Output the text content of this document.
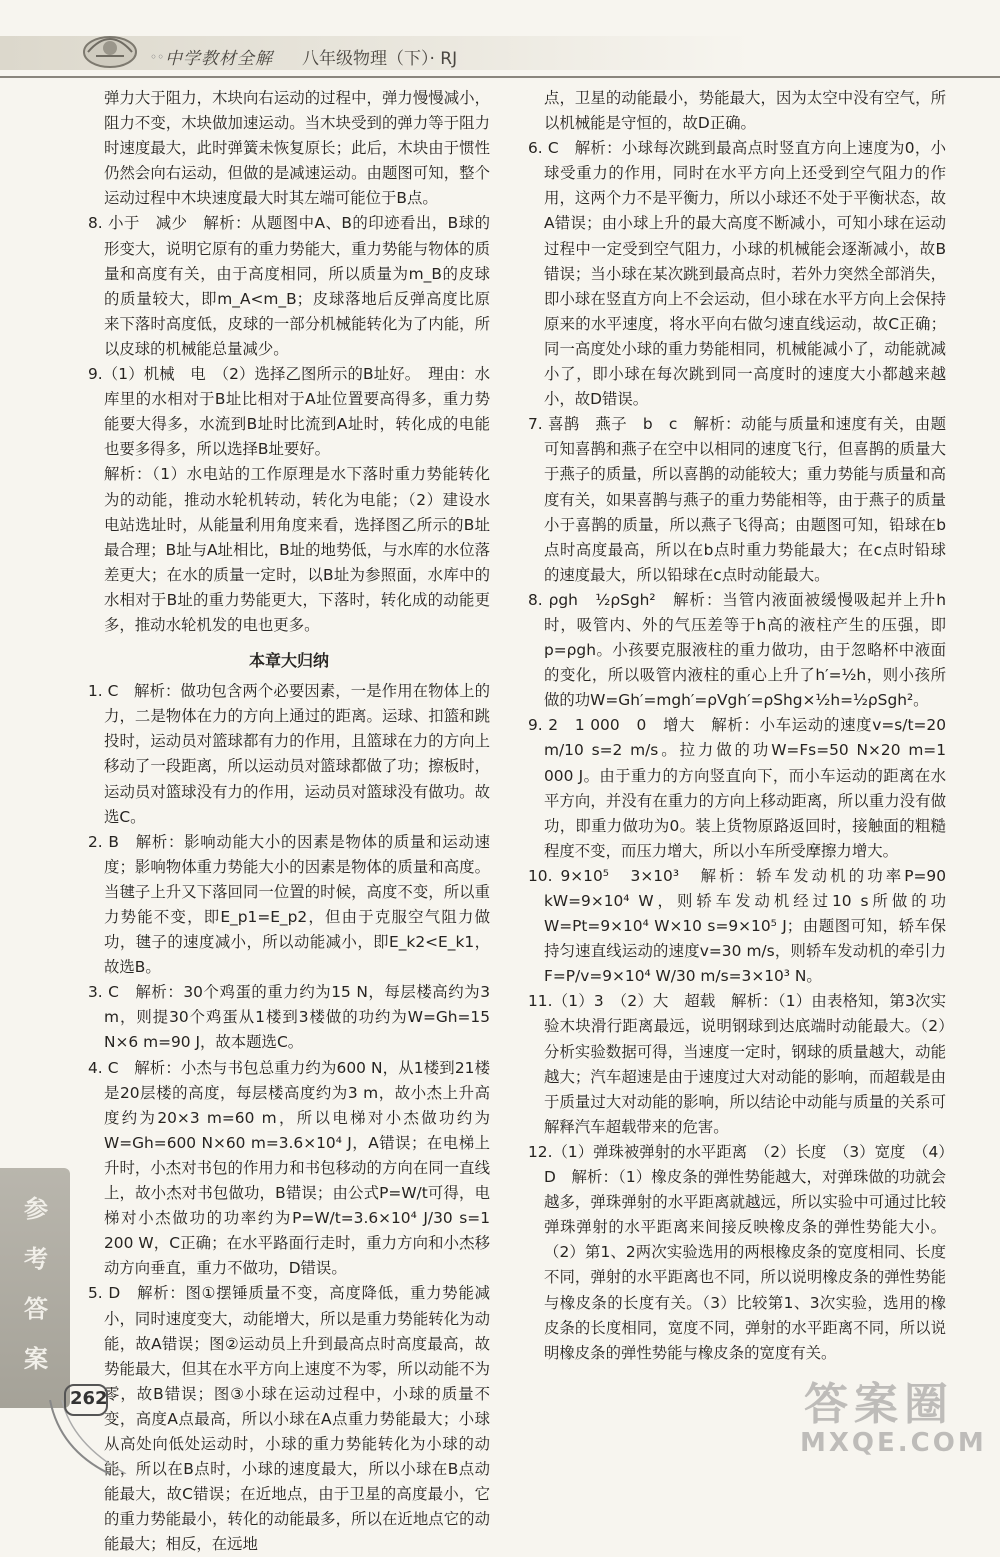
◦◦ 中学教材全解 八年级物理（下）· RJ

弹力大于阻力，木块向右运动的过程中，弹力慢慢减小，阻力不变，木块做加速运动。当木块受到的弹力等于阻力时速度最大，此时弹簧未恢复原长；此后，木块由于惯性仍然会向右运动，但做的是减速运动。由题图可知，整个运动过程中木块速度最大时其左端可能位于B点。

8. 小于　减少　解析：从题图中A、B的印迹看出，B球的形变大，说明它原有的重力势能大，重力势能与物体的质量和高度有关，由于高度相同，所以质量为m_B的皮球的质量较大，即m_A<m_B；皮球落地后反弹高度比原来下落时高度低，皮球的一部分机械能转化为了内能，所以皮球的机械能总量减少。

9.（1）机械　电　（2）选择乙图所示的B址好。　理由：水库里的水相对于B址比相对于A址位置要高得多，重力势能要大得多，水流到B址时比流到A址时，转化成的电能也要多得多，所以选择B址要好。

解析：（1）水电站的工作原理是水下落时重力势能转化为的动能，推动水轮机转动，转化为电能；（2）建设水电站选址时，从能量利用角度来看，选择图乙所示的B址最合理；B址与A址相比，B址的地势低，与水库的水位落差更大；在水的质量一定时，以B址为参照面，水库中的水相对于B址的重力势能更大，下落时，转化成的动能更多，推动水轮机发的电也更多。

本章大归纳

1. C　解析：做功包含两个必要因素，一是作用在物体上的力，二是物体在力的方向上通过的距离。运球、扣篮和跳投时，运动员对篮球都有力的作用，且篮球在力的方向上移动了一段距离，所以运动员对篮球都做了功；擦板时，运动员对篮球没有力的作用，运动员对篮球没有做功。故选C。

2. B　解析：影响动能大小的因素是物体的质量和运动速度；影响物体重力势能大小的因素是物体的质量和高度。当毽子上升又下落回同一位置的时候，高度不变，所以重力势能不变，即E_p1=E_p2，但由于克服空气阻力做功，毽子的速度减小，所以动能减小，即E_k2<E_k1，故选B。

3. C　解析：30个鸡蛋的重力约为15 N，每层楼高约为3 m，则提30个鸡蛋从1楼到3楼做的功约为W=Gh=15 N×6 m=90 J，故本题选C。

4. C　解析：小杰与书包总重力约为600 N，从1楼到21楼是20层楼的高度，每层楼高度约为3 m，故小杰上升高度约为20×3 m=60 m，所以电梯对小杰做功约为W=Gh=600 N×60 m=3.6×10⁴ J，A错误；在电梯上升时，小杰对书包的作用力和书包移动的方向在同一直线上，故小杰对书包做功，B错误；由公式P=W/t可得，电梯对小杰做功的功率约为P=W/t=3.6×10⁴ J/30 s=1 200 W，C正确；在水平路面行走时，重力方向和小杰移动方向垂直，重力不做功，D错误。

5. D　解析：图①摆锤质量不变，高度降低，重力势能减小，同时速度变大，动能增大，所以是重力势能转化为动能，故A错误；图②运动员上升到最高点时高度最高，故势能最大，但其在水平方向上速度不为零，所以动能不为零，故B错误；图③小球在运动过程中，小球的质量不变，高度A点最高，所以小球在A点重力势能最大；小球从高处向低处运动时，小球的重力势能转化为小球的动能，所以在B点时，小球的速度最大，所以小球在B点动能最大，故C错误；在近地点，由于卫星的高度最小，它的重力势能最小，转化的动能最多，所以在近地点它的动能最大；相反，在远地

点，卫星的动能最小，势能最大，因为太空中没有空气，所以机械能是守恒的，故D正确。

6. C　解析：小球每次跳到最高点时竖直方向上速度为0，小球受重力的作用，同时在水平方向上还受到空气阻力的作用，这两个力不是平衡力，所以小球还不处于平衡状态，故A错误；由小球上升的最大高度不断减小，可知小球在运动过程中一定受到空气阻力，小球的机械能会逐渐减小，故B错误；当小球在某次跳到最高点时，若外力突然全部消失，即小球在竖直方向上不会运动，但小球在水平方向上会保持原来的水平速度，将水平向右做匀速直线运动，故C正确；同一高度处小球的重力势能相同，机械能减小了，动能就减小了，即小球在每次跳到同一高度时的速度大小都越来越小，故D错误。

7. 喜鹊　燕子　b　c　解析：动能与质量和速度有关，由题可知喜鹊和燕子在空中以相同的速度飞行，但喜鹊的质量大于燕子的质量，所以喜鹊的动能较大；重力势能与质量和高度有关，如果喜鹊与燕子的重力势能相等，由于燕子的质量小于喜鹊的质量，所以燕子飞得高；由题图可知，铅球在b点时高度最高，所以在b点时重力势能最大；在c点时铅球的速度最大，所以铅球在c点时动能最大。

8. ρgh　½ρSgh²　解析：当管内液面被缓慢吸起并上升h时，吸管内、外的气压差等于h高的液柱产生的压强，即p=ρgh。小孩要克服液柱的重力做功，由于忽略杯中液面的变化，所以吸管内液柱的重心上升了h′=½h，则小孩所做的功W=Gh′=mgh′=ρVgh′=ρShg×½h=½ρSgh²。

9. 2　1 000　0　增大　解析：小车运动的速度v=s/t=20 m/10 s=2 m/s。拉力做的功W=Fs=50 N×20 m=1 000 J。由于重力的方向竖直向下，而小车运动的距离在水平方向，并没有在重力的方向上移动距离，所以重力没有做功，即重力做功为0。装上货物原路返回时，接触面的粗糙程度不变，而压力增大，所以小车所受摩擦力增大。

10. 9×10⁵　3×10³　解析：轿车发动机的功率P=90 kW=9×10⁴ W，则轿车发动机经过10 s所做的功W=Pt=9×10⁴ W×10 s=9×10⁵ J；由题图可知，轿车保持匀速直线运动的速度v=30 m/s，则轿车发动机的牵引力F=P/v=9×10⁴ W/30 m/s=3×10³ N。

11.（1）3　（2）大　超载　解析：（1）由表格知，第3次实验木块滑行距离最远，说明钢球到达底端时动能最大。（2）分析实验数据可得，当速度一定时，钢球的质量越大，动能越大；汽车超速是由于速度过大对动能的影响，而超载是由于质量过大对动能的影响，所以结论中动能与质量的关系可解释汽车超载带来的危害。

12.（1）弹珠被弹射的水平距离　（2）长度　（3）宽度　（4）D　解析：（1）橡皮条的弹性势能越大，对弹珠做的功就会越多，弹珠弹射的水平距离就越远，所以实验中可通过比较弹珠弹射的水平距离来间接反映橡皮条的弹性势能大小。（2）第1、2两次实验选用的两根橡皮条的宽度相同、长度不同，弹射的水平距离也不同，所以说明橡皮条的弹性势能与橡皮条的长度有关。（3）比较第1、3次实验，选用的橡皮条的长度相同，宽度不同，弹射的水平距离不同，所以说明橡皮条的弹性势能与橡皮条的宽度有关。

参考答案
262	答案圈
MXQE.COM
